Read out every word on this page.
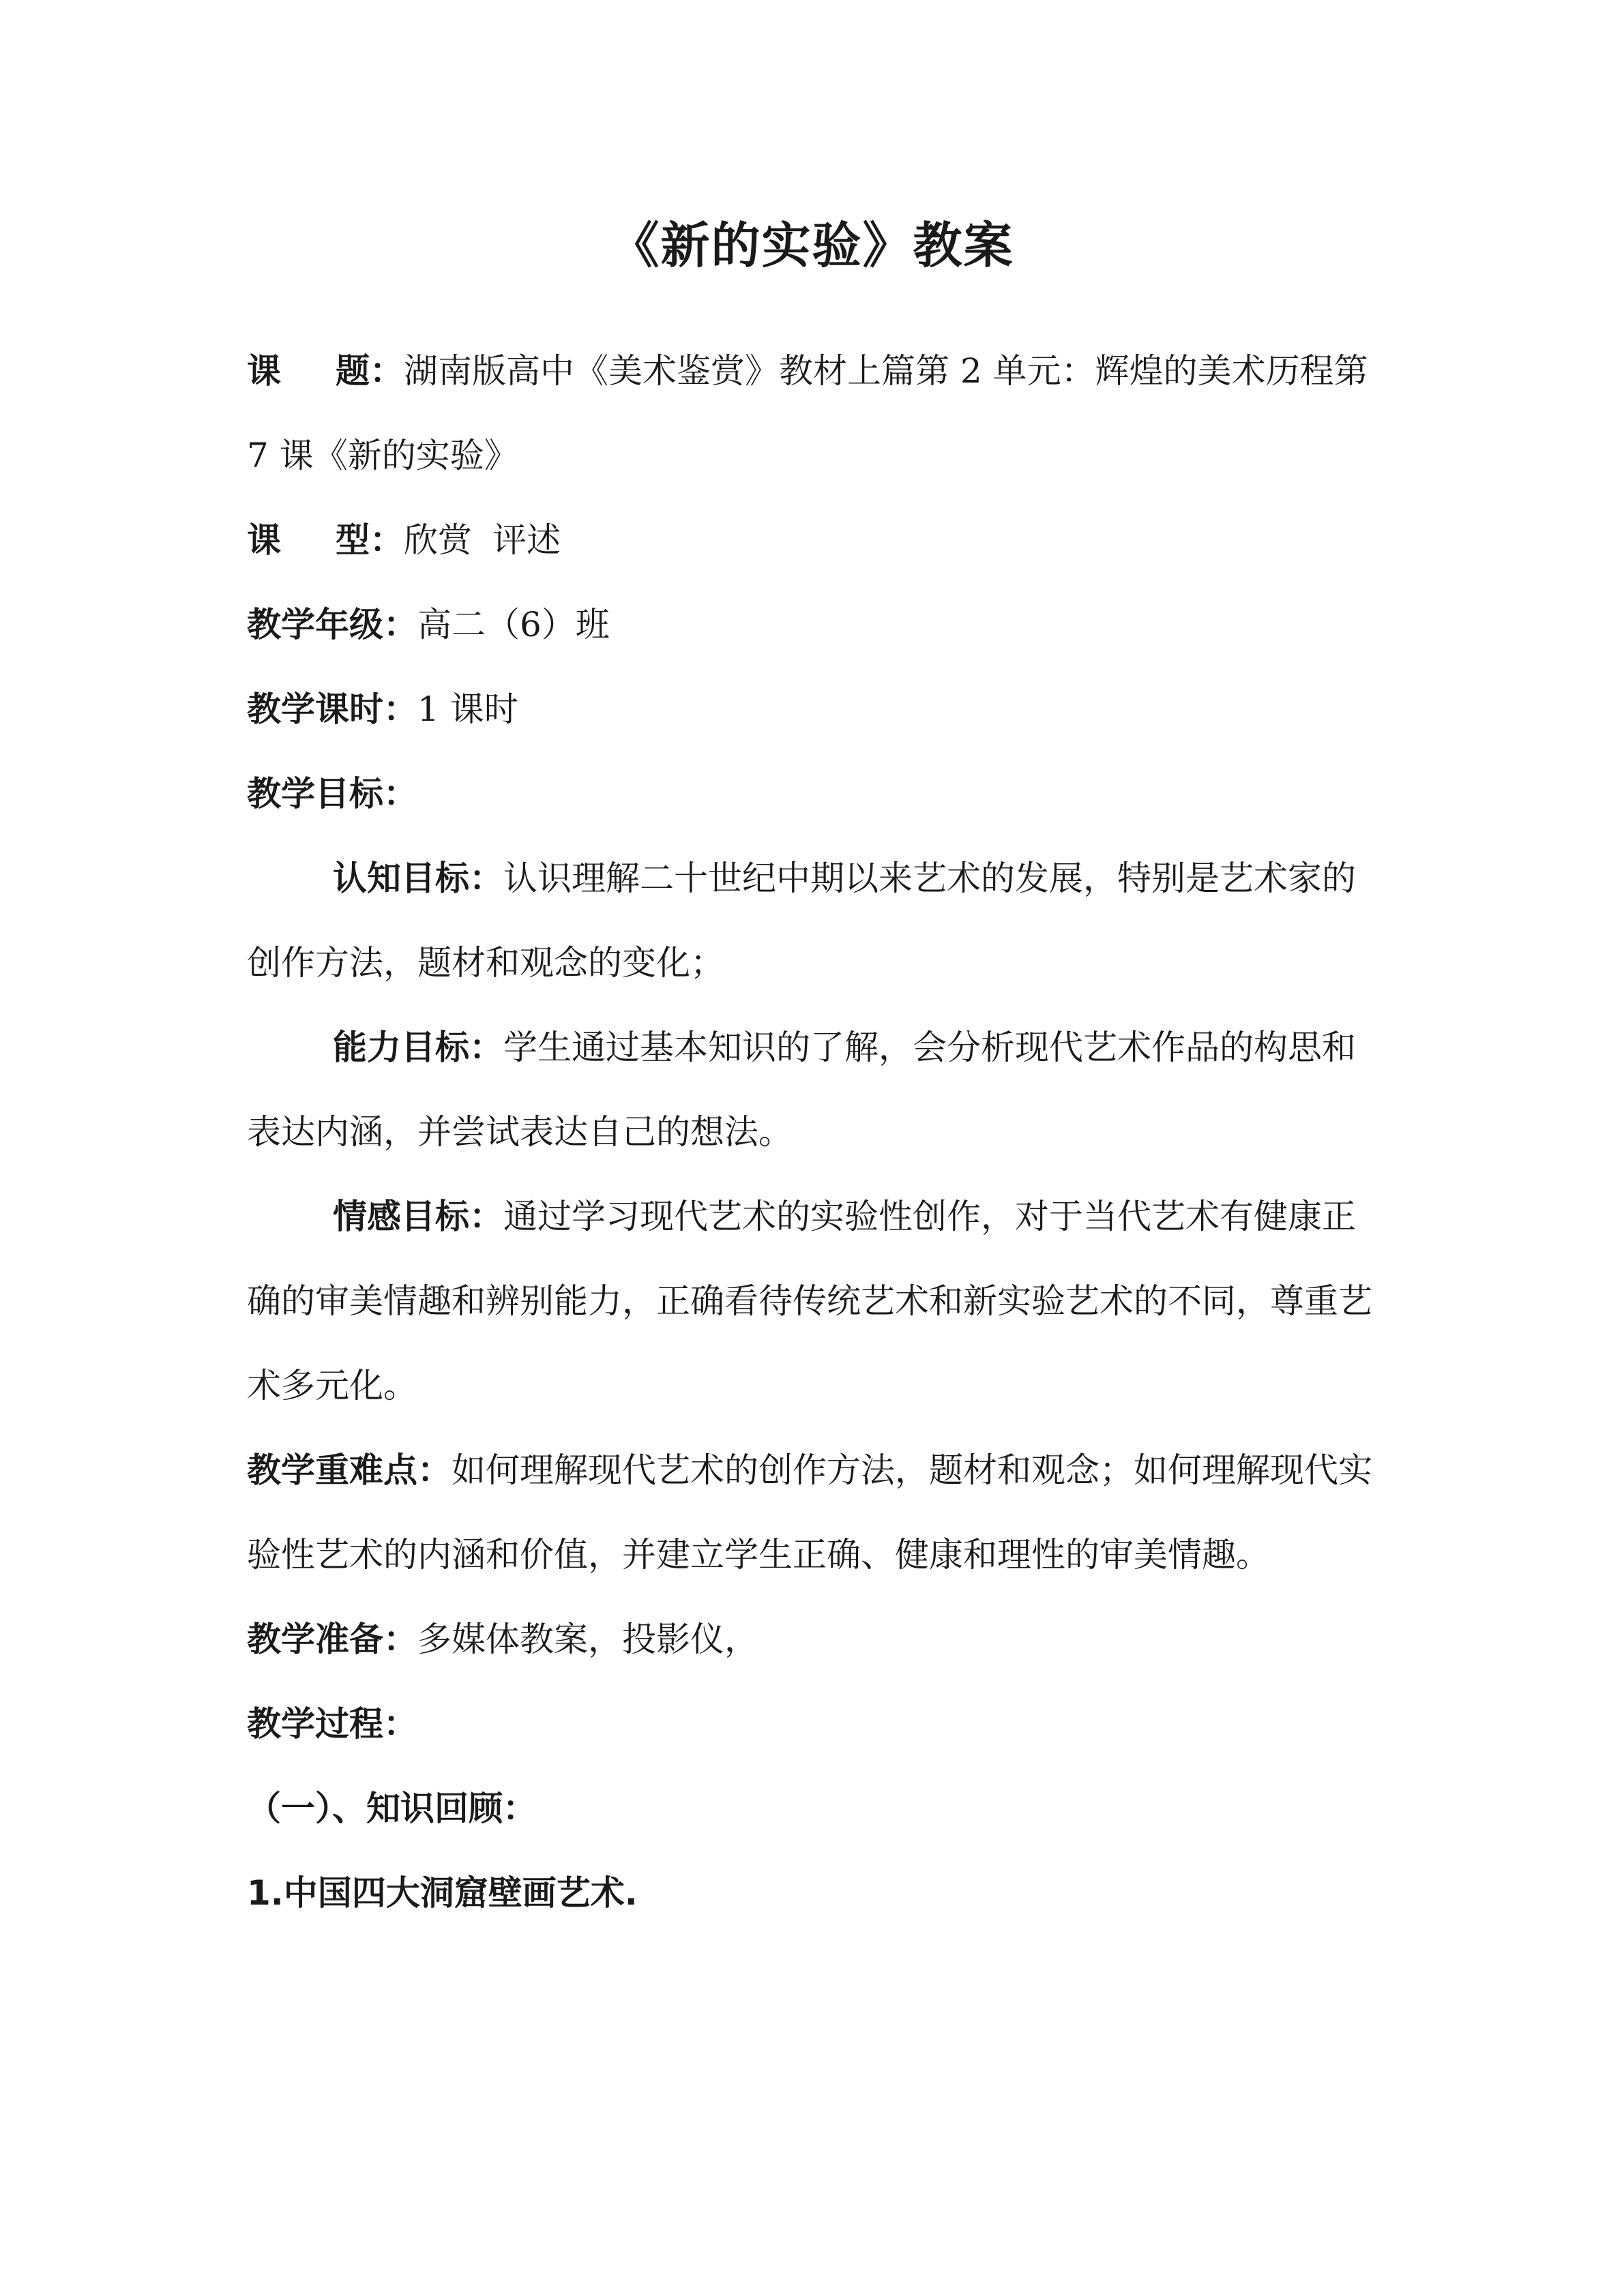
《新的实验》教案

课 题：湖南版高中《美术鉴赏》教材上篇第 2 单元：辉煌的美术历程第 7 课《新的实验》

课 型：欣赏 评述

教学年级：高二（6）班

教学课时：1 课时

教学目标：

认知目标：认识理解二十世纪中期以来艺术的发展，特别是艺术家的创作方法，题材和观念的变化；

能力目标：学生通过基本知识的了解，会分析现代艺术作品的构思和表达内涵，并尝试表达自己的想法。

情感目标：通过学习现代艺术的实验性创作，对于当代艺术有健康正确的审美情趣和辨别能力，正确看待传统艺术和新实验艺术的不同，尊重艺术多元化。

教学重难点：如何理解现代艺术的创作方法，题材和观念；如何理解现代实验性艺术的内涵和价值，并建立学生正确、健康和理性的审美情趣。

教学准备：多媒体教案，投影仪，

教学过程：

（一）、知识回顾：

1.中国四大洞窟壁画艺术.
